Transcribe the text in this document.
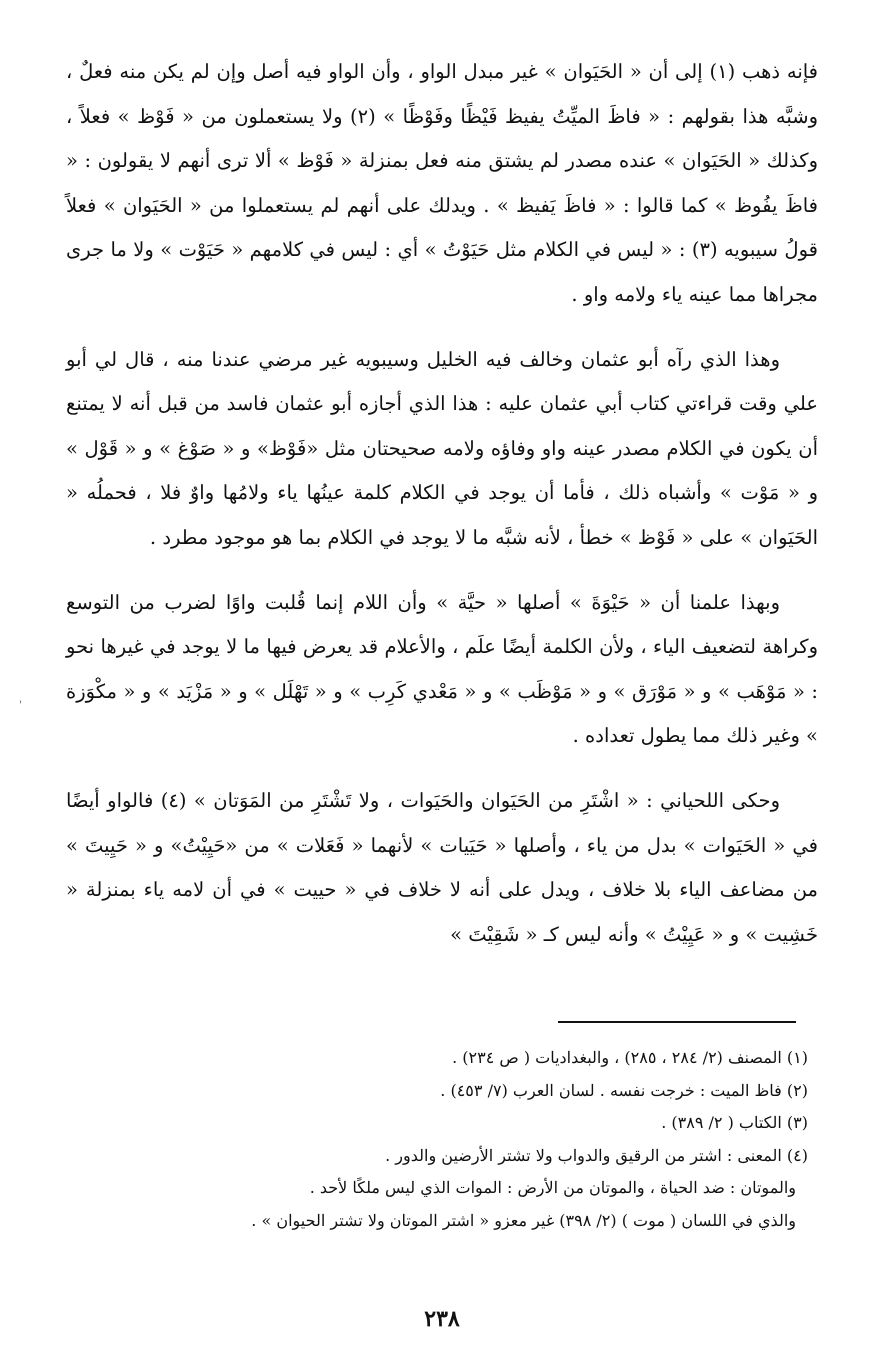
فإنه ذهب (١) إلى أن « الحَيَوان » غير مبدل الواو ، وأن الواو فيه أصل وإن لم يكن منه فعلٌ ، وشبَّه هذا بقولهم : « فاظَ الميِّتُ يفيظ فَيْظًا وفَوْظًا » (٢) ولا يستعملون من « فَوْظ » فعلاً ، وكذلك « الحَيَوان » عنده مصدر لم يشتق منه فعل بمنزلة « فَوْظ » ألا ترى أنهم لا يقولون : « فاظَ يفُوظ » كما قالوا : « فاظَ يَفيظ » . ويدلك على أنهم لم يستعملوا من « الحَيَوان » فعلاً قولُ سيبويه (٣) : « ليس في الكلام مثل حَيَوْتُ » أي : ليس في كلامهم « حَيَوْت » ولا ما جرى مجراها مما عينه ياء ولامه واو .

وهذا الذي رآه أبو عثمان وخالف فيه الخليل وسيبويه غير مرضي عندنا منه ، قال لي أبو علي وقت قراءتي كتاب أبي عثمان عليه : هذا الذي أجازه أبو عثمان فاسد من قبل أنه لا يمتنع أن يكون في الكلام مصدر عينه واو وفاؤه ولامه صحيحتان مثل «فَوْظ» و « صَوْغ » و « قَوْل » و « مَوْت » وأشباه ذلك ، فأما أن يوجد في الكلام كلمة عينُها ياء ولامُها واوٌ فلا ، فحملُه « الحَيَوان » على « فَوْظ » خطأ ، لأنه شبَّه ما لا يوجد في الكلام بما هو موجود مطرد .

وبهذا علمنا أن « حَيْوَةَ » أصلها « حيَّة » وأن اللام إنما قُلبت واوًا لضرب من التوسع وكراهة لتضعيف الياء ، ولأن الكلمة أيضًا علَم ، والأعلام قد يعرض فيها ما لا يوجد في غيرها نحو : « مَوْهَب » و « مَوْرَق » و « مَوْظَب » و « مَعْدي كَرِب » و « تَهْلَل » و « مَزْيَد » و « مكْوَزة » وغير ذلك مما يطول تعداده .

وحكى اللحياني : « اشْتَرِ من الحَيَوان والحَيَوات ، ولا تَشْتَرِ من المَوَتان » (٤) فالواو أيضًا في « الحَيَوات » بدل من ياء ، وأصلها « حَيَيات » لأنهما « فَعَلات » من «حَيِيْتُ» و « حَيِيتَ » من مضاعف الياء بلا خلاف ، ويدل على أنه لا خلاف في « حييت » في أن لامه ياء بمنزلة « خَشِيت » و « عَيِيْتُ » وأنه ليس كـ « شَقِيْتَ »

'

(١) المصنف (٢/ ٢٨٤ ، ٢٨٥) ، والبغداديات ( ص ٢٣٤) .

(٢) فاظ الميت : خرجت نفسه . لسان العرب (٧/ ٤٥٣) .

(٣) الكتاب ( ٢/ ٣٨٩) .

(٤) المعنى : اشتر من الرقيق والدواب ولا تشتر الأرضين والدور .

والموتان : ضد الحياة ، والموتان من الأرض : الموات الذي ليس ملكًا لأحد .

والذي في اللسان ( موت ) (٢/ ٣٩٨) غير معزو « اشتر الموتان ولا تشتر الحيوان » .

٢٣٨
